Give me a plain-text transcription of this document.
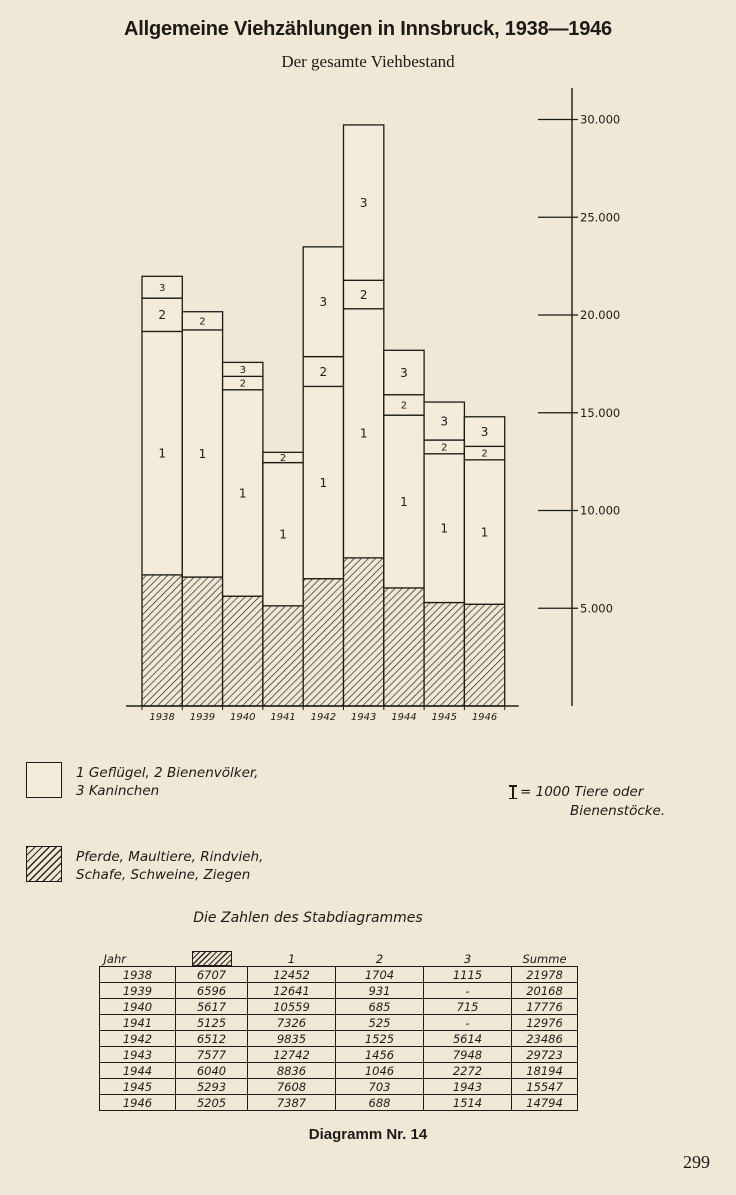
Allgemeine Viehzählungen in Innsbruck, 1938—1946
Der gesamte Viehbestand
1
2
3
1
2
1
2
3
1
2
1
2
3
1
2
3
1
2
3
1
2
3
1
2
3
1938 1939 1940 1941 1942 1943 1944 1945 1946
5.000
10.000
15.000
20.000
25.000
30.000
1 Geflügel, 2 Bienenvölker,
3 Kaninchen
Pferde, Maultiere, Rindvieh,
Schafe, Schweine, Ziegen
= 1000 Tiere oder
Bienenstöcke.
Die Zahlen des Stabdiagrammes
Jahr		1	2	3	Summe
1938	6707	12452	1704	1115	21978
1939	6596	12641	931	-	20168
1940	5617	10559	685	715	17776
1941	5125	7326	525	-	12976
1942	6512	9835	1525	5614	23486
1943	7577	12742	1456	7948	29723
1944	6040	8836	1046	2272	18194
1945	5293	7608	703	1943	15547
1946	5205	7387	688	1514	14794
Diagramm Nr. 14
299
